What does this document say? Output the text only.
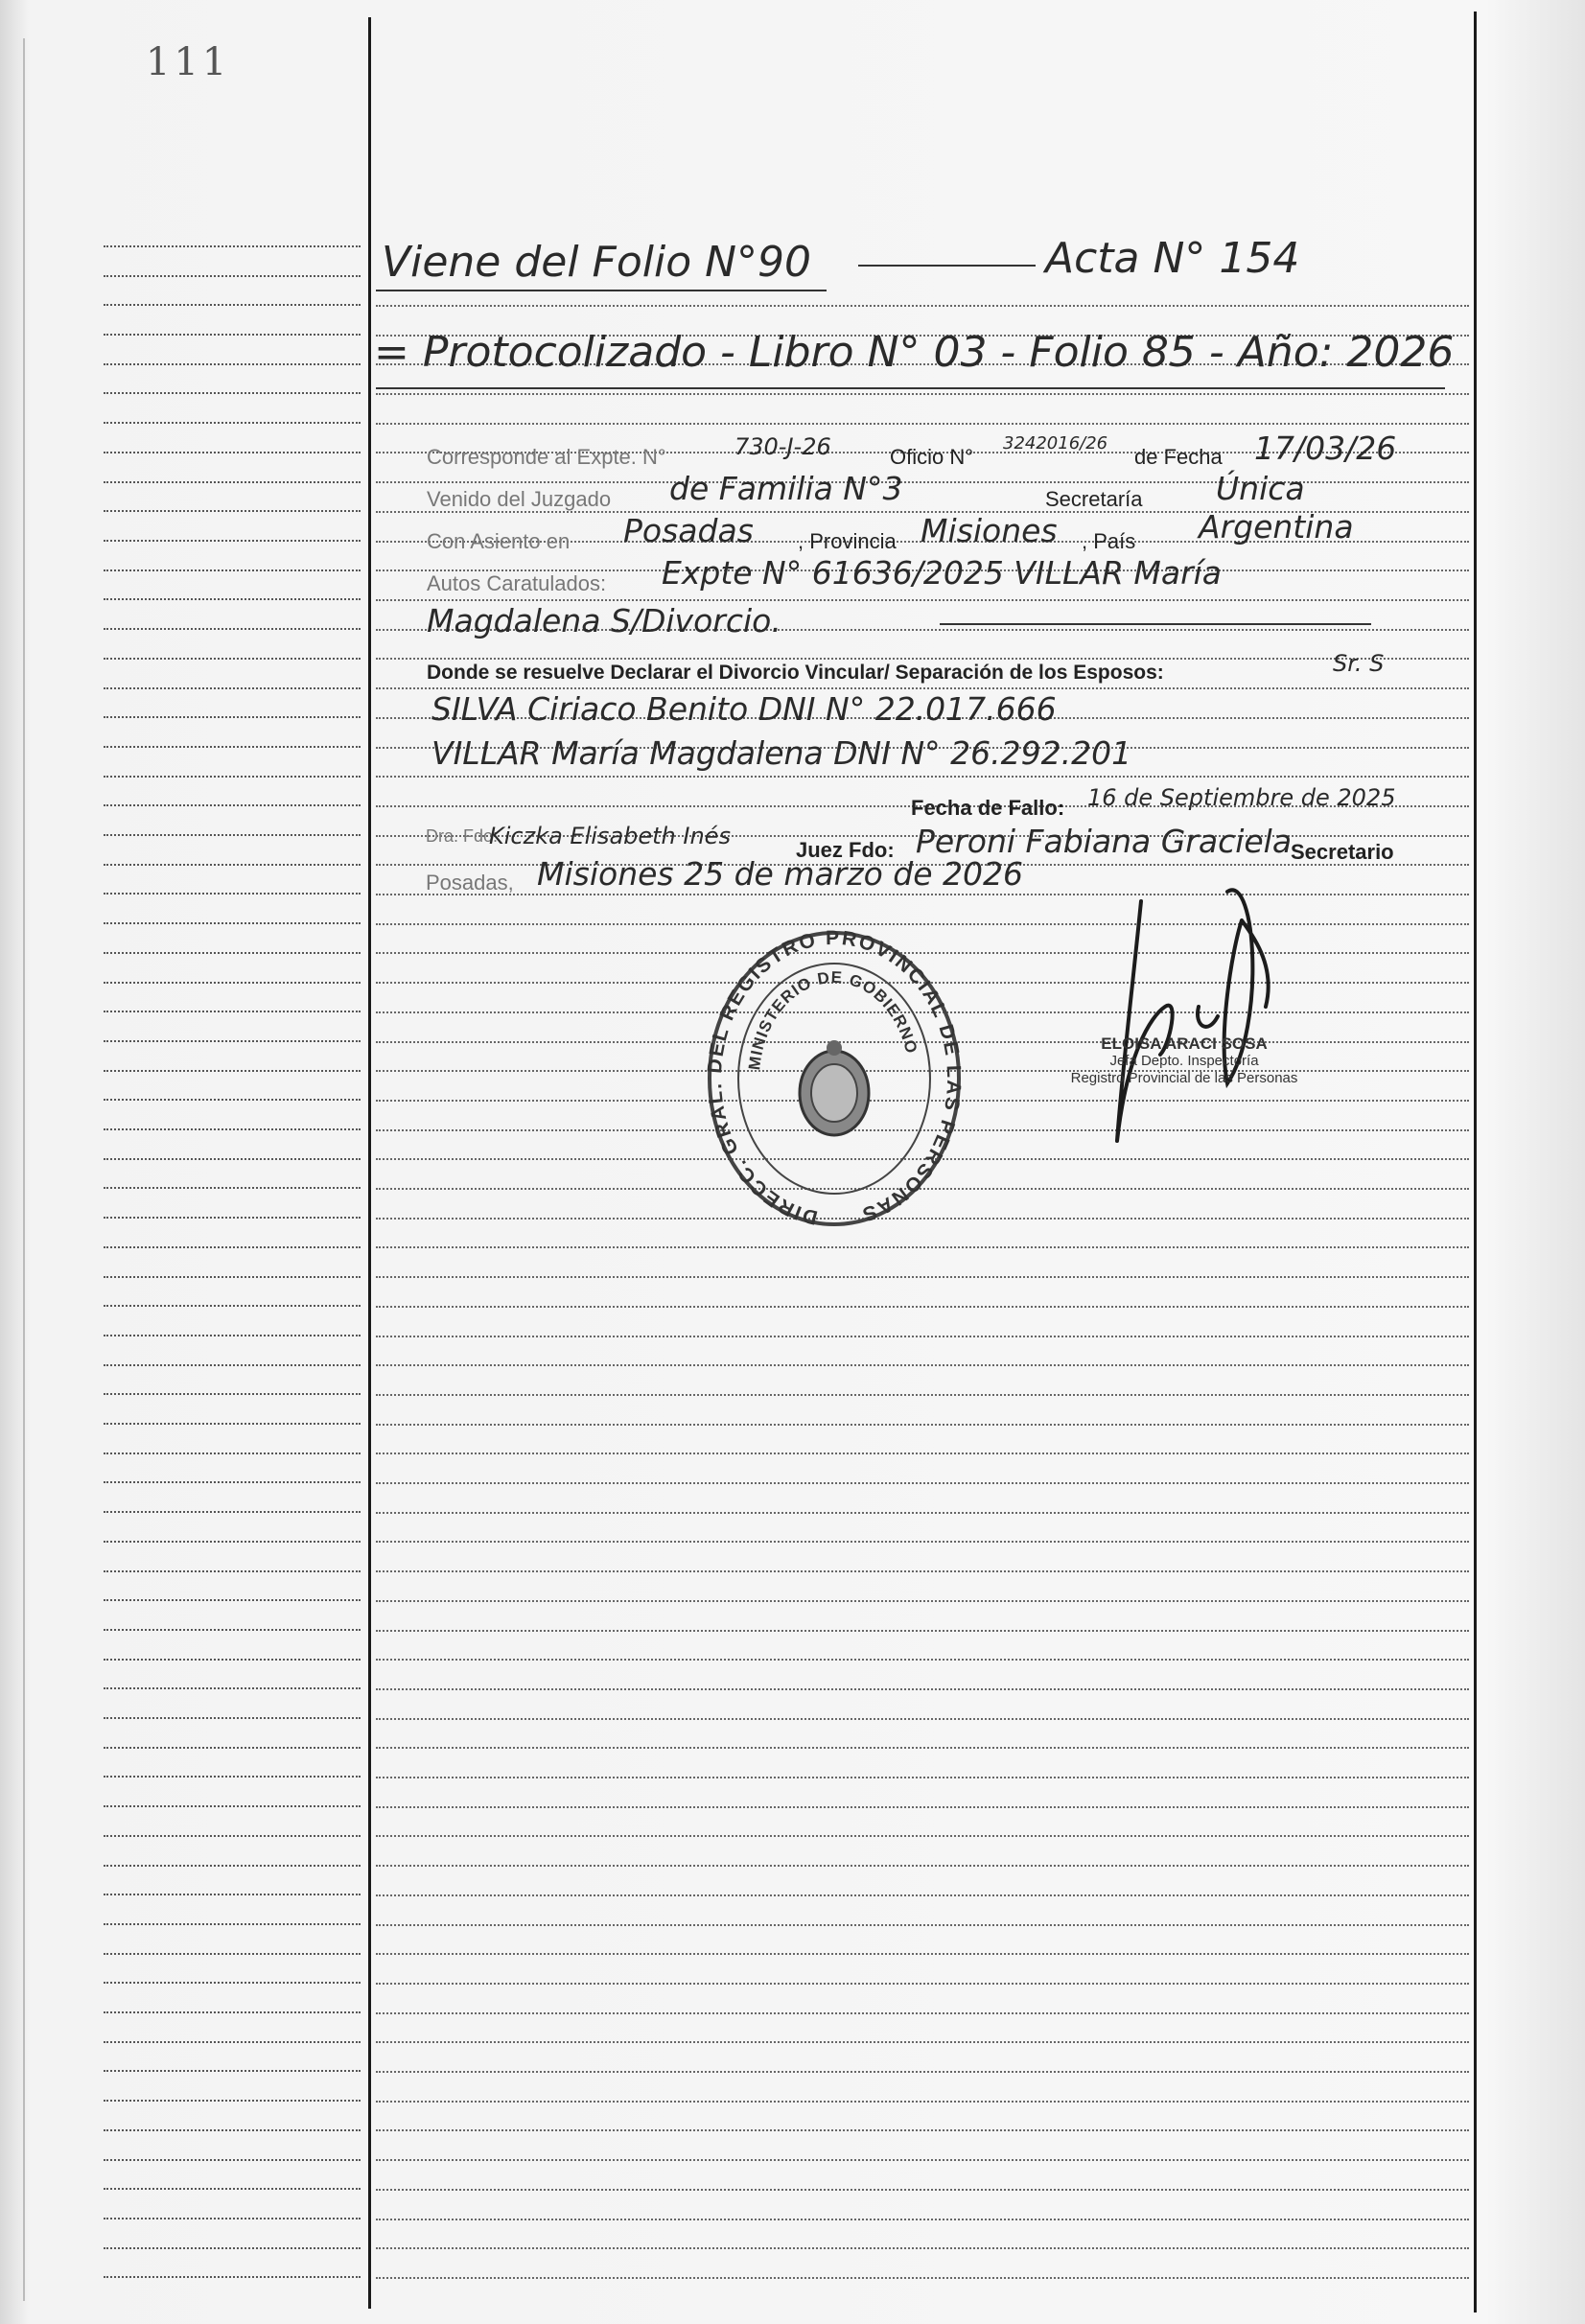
111
Viene del Folio N°90	Acta N° 154
= Protocolizado - Libro N° 03 - Folio 85 - Año: 2026
Corresponde al Expte. N°	730-J-26	Oficio N°
3242016/26
de Fecha 17/03/26
Venido del Juzgado de Familia N°3	Secretaría Única
Con Asiento en Posadas , Provincia Misiones , País Argentina
Autos Caratulados: Expte N° 61636/2025 VILLAR María
Magdalena S/Divorcio.
Donde se resuelve Declarar el Divorcio Vincular/ Separación de los Esposos:	Sr. S
SILVA Ciriaco Benito DNI N° 22.017.666
VILLAR María Magdalena DNI N° 26.292.201
Fecha de Fallo: 16 de Septiembre de 2025
Dra. Fdo:
Kiczka Elisabeth Inés
Juez Fdo: Peroni Fabiana Graciela
Secretario
Posadas, Misiones 25 de marzo de 2026
DIRECC. GRAL. DEL REGISTRO PROVINCIAL DE LAS PERSONAS
MINISTERIO DE GOBIERNO	ELOISA ARACI SOSA
Jefa Depto. Inspectoría
Registro Provincial de las Personas
